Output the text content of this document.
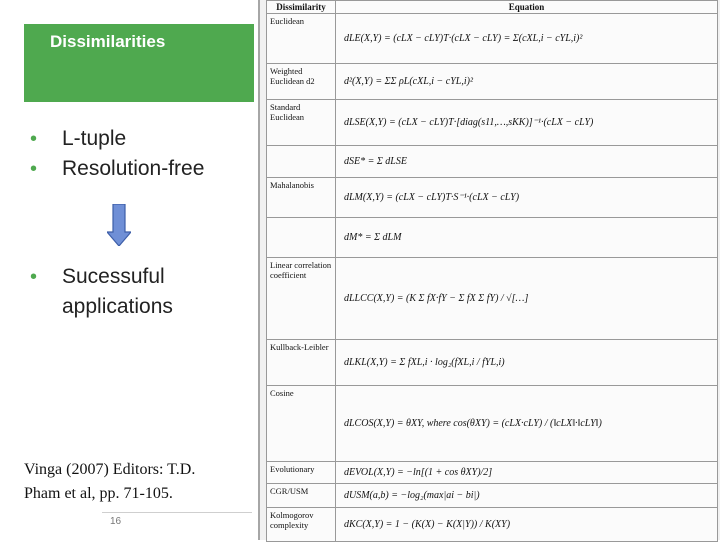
Dissimilarities
• L-tuple
• Resolution-free
• Sucessuful applications
Vinga (2007) Editors: T.D.
Pham et al, pp. 71-105.
16
Dissimilarity	Equation
Euclidean	dLE(X,Y) = (cLX − cLY)T·(cLX − cLY) = Σ(cXL,i − cYL,i)²
Weighted Euclidean d2	d²(X,Y) = ΣΣ ρL(cXL,i − cYL,i)²
Standard Euclidean	dLSE(X,Y) = (cLX − cLY)T·[diag(s11,…,sKK)]⁻¹·(cLX − cLY)
	dSE* = Σ dLSE
Mahalanobis	dLM(X,Y) = (cLX − cLY)T·S⁻¹·(cLX − cLY)
	dM* = Σ dLM
Linear correlation coefficient	dLLCC(X,Y) = (K Σ fX·fY − Σ fX Σ fY) / √[…]
Kullback-Leibler	dLKL(X,Y) = Σ fXL,i · log₂(fXL,i / fYL,i)
Cosine	dLCOS(X,Y) = θXY, where cos(θXY) = (cLX·cLY) / (‖cLX‖·‖cLY‖)
Evolutionary	dEVOL(X,Y) = −ln[(1 + cos θXY)/2]
CGR/USM	dUSM(a,b) = −log₂(max|ai − bi|)
Kolmogorov complexity	dKC(X,Y) = 1 − (K(X) − K(X|Y)) / K(XY)
